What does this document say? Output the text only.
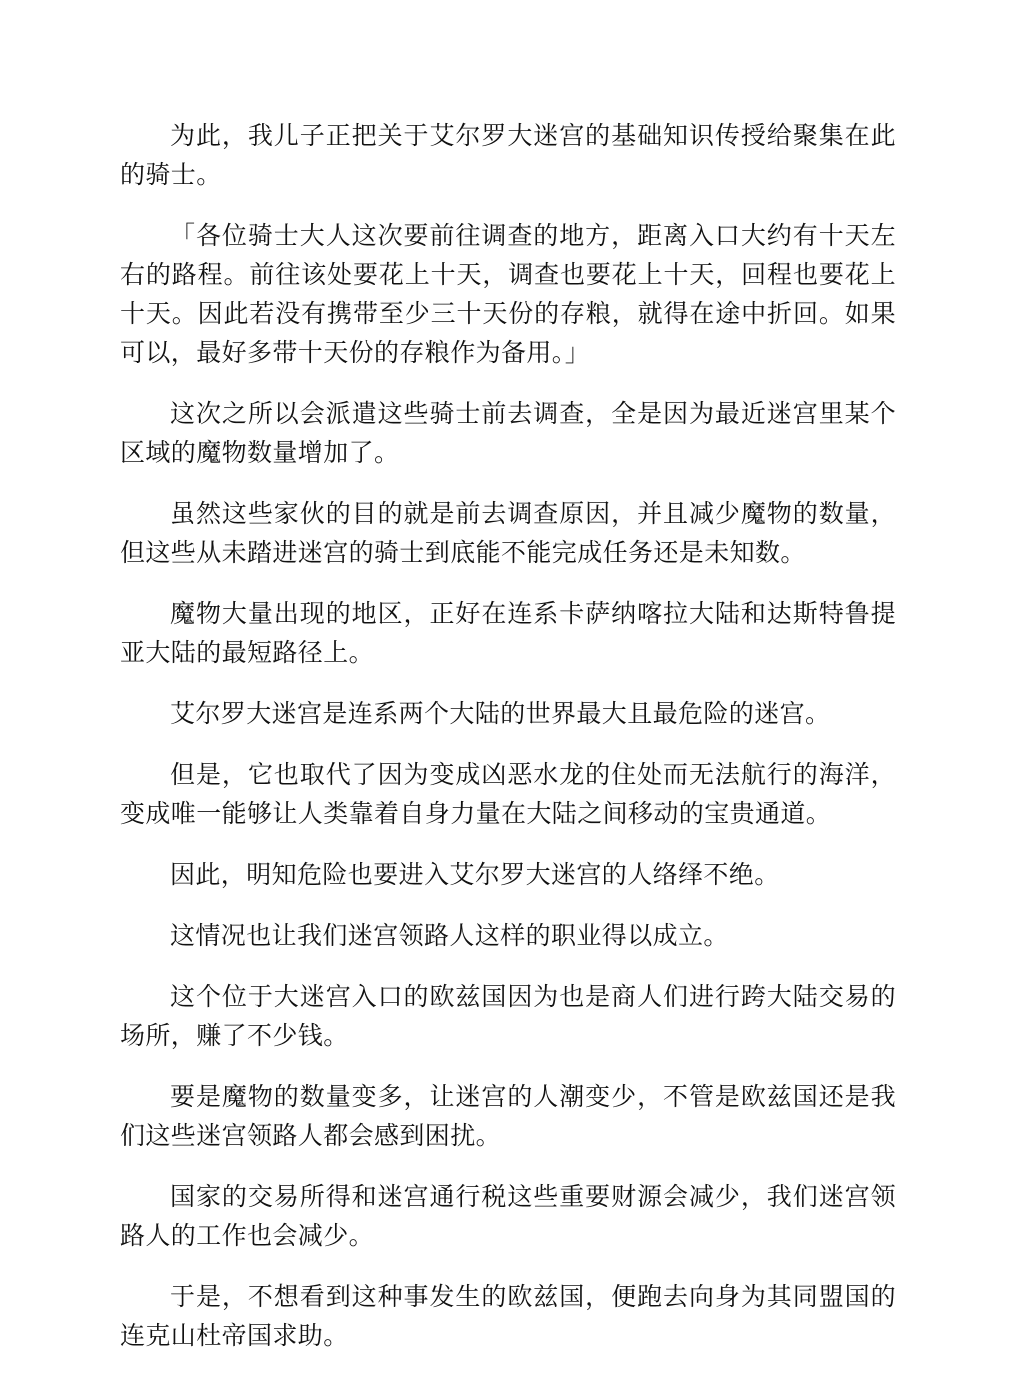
为此，我儿子正把关于艾尔罗大迷宫的基础知识传授给聚集在此的骑士。

「各位骑士大人这次要前往调查的地方，距离入口大约有十天左右的路程。前往该处要花上十天，调查也要花上十天，回程也要花上十天。因此若没有携带至少三十天份的存粮，就得在途中折回。如果可以，最好多带十天份的存粮作为备用。」

这次之所以会派遣这些骑士前去调查，全是因为最近迷宫里某个区域的魔物数量增加了。

虽然这些家伙的目的就是前去调查原因，并且减少魔物的数量，但这些从未踏进迷宫的骑士到底能不能完成任务还是未知数。

魔物大量出现的地区，正好在连系卡萨纳喀拉大陆和达斯特鲁提亚大陆的最短路径上。

艾尔罗大迷宫是连系两个大陆的世界最大且最危险的迷宫。

但是，它也取代了因为变成凶恶水龙的住处而无法航行的海洋，变成唯一能够让人类靠着自身力量在大陆之间移动的宝贵通道。

因此，明知危险也要进入艾尔罗大迷宫的人络绎不绝。

这情况也让我们迷宫领路人这样的职业得以成立。

这个位于大迷宫入口的欧兹国因为也是商人们进行跨大陆交易的场所，赚了不少钱。

要是魔物的数量变多，让迷宫的人潮变少，不管是欧兹国还是我们这些迷宫领路人都会感到困扰。

国家的交易所得和迷宫通行税这些重要财源会减少，我们迷宫领路人的工作也会减少。

于是，不想看到这种事发生的欧兹国，便跑去向身为其同盟国的连克山杜帝国求助。
